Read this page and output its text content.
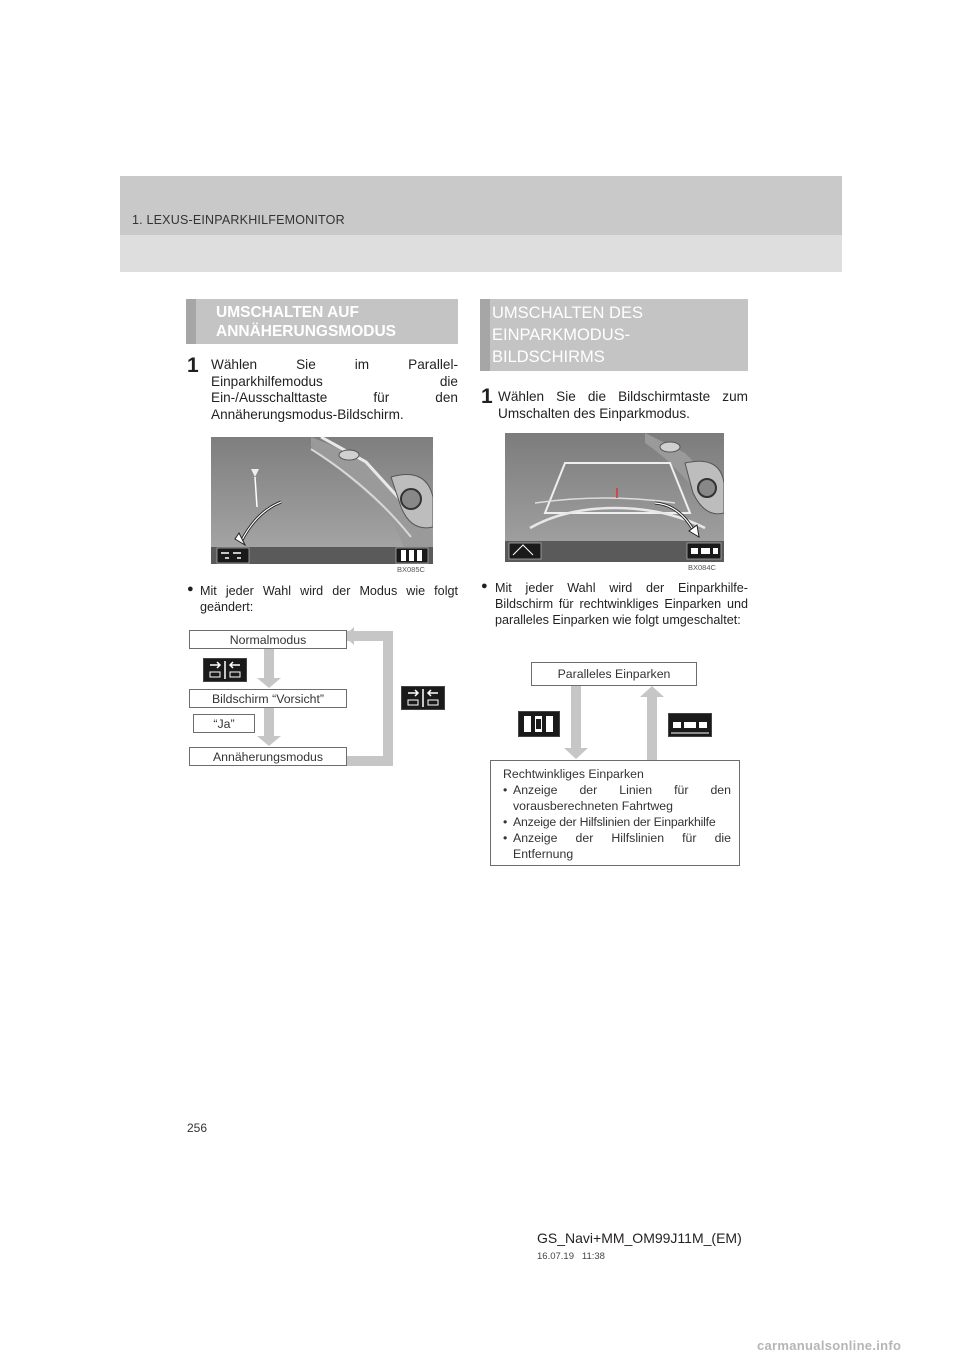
1. LEXUS-EINPARKHILFEMONITOR
UMSCHALTEN AUF
ANNÄHERUNGSMODUS
1 Wählen Sie im Parallel-Einparkhilfemodus die Ein-/Ausschalttaste für den Annäherungsmodus-Bildschirm.
BX085C
● Mit jeder Wahl wird der Modus wie folgt geändert:
Normalmodus
Bildschirm “Vorsicht”
“Ja”
Annäherungsmodus
UMSCHALTEN DES
EINPARKMODUS-
BILDSCHIRMS
1 Wählen Sie die Bildschirmtaste zum Umschalten des Einparkmodus.
BX084C
● Mit jeder Wahl wird der Einparkhilfe-Bildschirm für rechtwinkliges Einparken und paralleles Einparken wie folgt umgeschaltet:
Paralleles Einparken
Rechtwinkliges Einparken
• Anzeige der Linien für den vorausberechneten Fahrtweg
• Anzeige der Hilfslinien der Einparkhilfe
• Anzeige der Hilfslinien für die Entfernung
256
GS_Navi+MM_OM99J11M_(EM)
16.07.19   11:38
carmanualsonline.info
